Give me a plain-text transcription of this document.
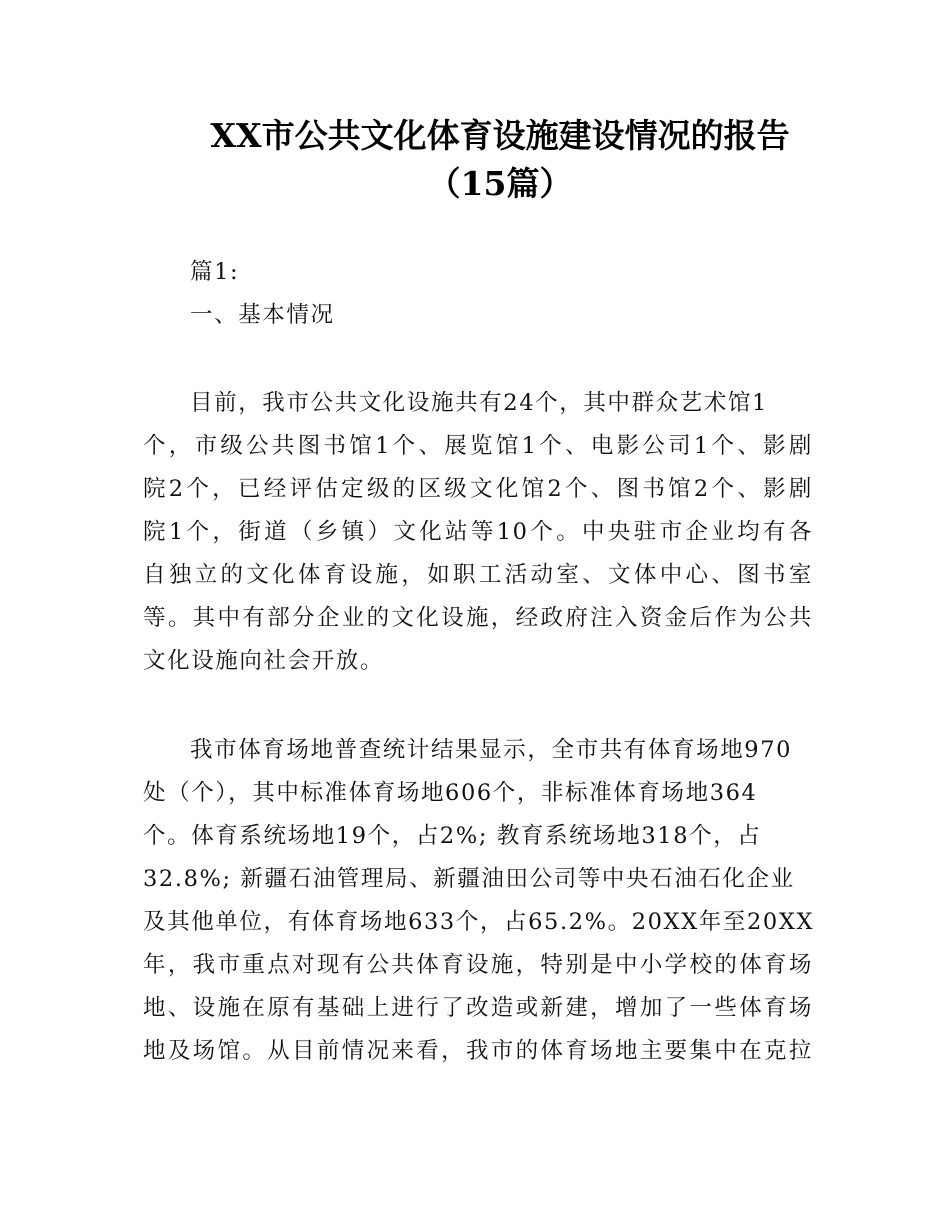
XX市公共文化体育设施建设情况的报告
（15篇）
篇1:
一、基本情况
目前，我市公共文化设施共有24个，其中群众艺术馆1
个，市级公共图书馆1个、展览馆1个、电影公司1个、影剧
院2个，已经评估定级的区级文化馆2个、图书馆2个、影剧
院1个，街道（乡镇）文化站等10个。中央驻市企业均有各
自独立的文化体育设施，如职工活动室、文体中心、图书室
等。其中有部分企业的文化设施，经政府注入资金后作为公共
文化设施向社会开放。
我市体育场地普查统计结果显示，全市共有体育场地970
处（个），其中标准体育场地606个，非标准体育场地364
个。体育系统场地19个，占2%; 教育系统场地318个，占
32.8%; 新疆石油管理局、新疆油田公司等中央石油石化企业
及其他单位，有体育场地633个，占65.2%。20XX年至20XX
年，我市重点对现有公共体育设施，特别是中小学校的体育场
地、设施在原有基础上进行了改造或新建，增加了一些体育场
地及场馆。从目前情况来看，我市的体育场地主要集中在克拉
